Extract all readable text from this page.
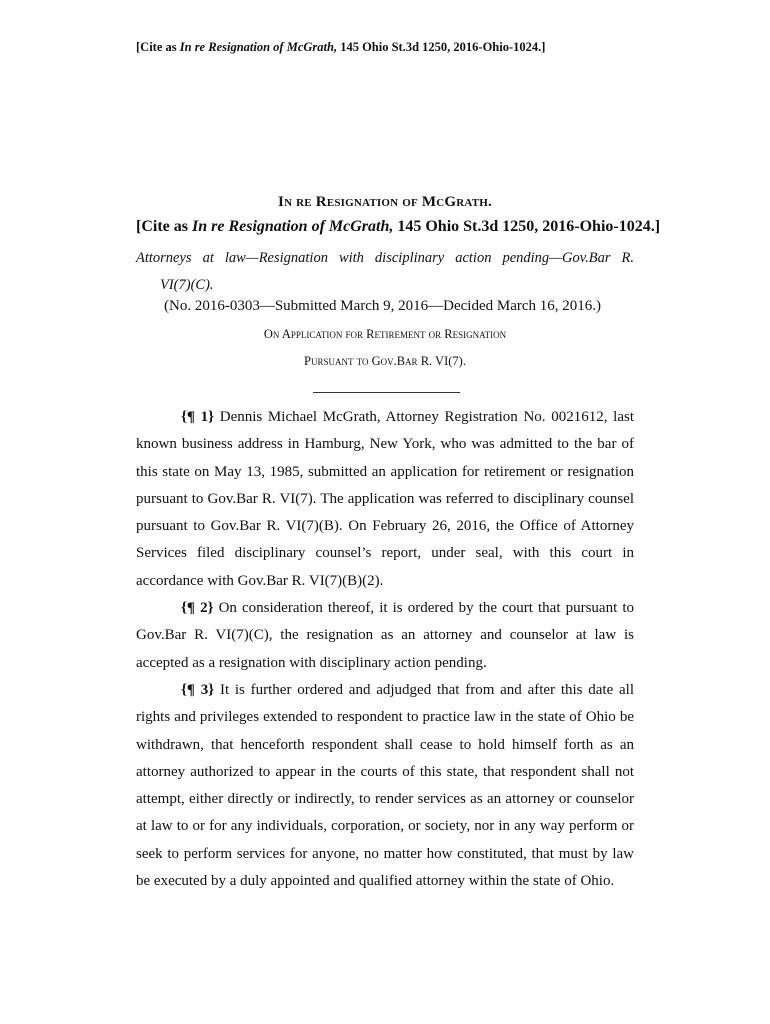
[Cite as In re Resignation of McGrath, 145 Ohio St.3d 1250, 2016-Ohio-1024.]
In re Resignation of McGrath.
[Cite as In re Resignation of McGrath, 145 Ohio St.3d 1250, 2016-Ohio-1024.]
Attorneys at law—Resignation with disciplinary action pending—Gov.Bar R.
VI(7)(C).
(No. 2016-0303—Submitted March 9, 2016—Decided March 16, 2016.)
On Application for Retirement or Resignation
Pursuant to Gov.Bar R. VI(7).

{¶ 1} Dennis Michael McGrath, Attorney Registration No. 0021612, last known business address in Hamburg, New York, who was admitted to the bar of this state on May 13, 1985, submitted an application for retirement or resignation pursuant to Gov.Bar R. VI(7). The application was referred to disciplinary counsel pursuant to Gov.Bar R. VI(7)(B). On February 26, 2016, the Office of Attorney Services filed disciplinary counsel’s report, under seal, with this court in accordance with Gov.Bar R. VI(7)(B)(2).

{¶ 2} On consideration thereof, it is ordered by the court that pursuant to Gov.Bar R. VI(7)(C), the resignation as an attorney and counselor at law is accepted as a resignation with disciplinary action pending.

{¶ 3} It is further ordered and adjudged that from and after this date all rights and privileges extended to respondent to practice law in the state of Ohio be withdrawn, that henceforth respondent shall cease to hold himself forth as an attorney authorized to appear in the courts of this state, that respondent shall not attempt, either directly or indirectly, to render services as an attorney or counselor at law to or for any individuals, corporation, or society, nor in any way perform or seek to perform services for anyone, no matter how constituted, that must by law be executed by a duly appointed and qualified attorney within the state of Ohio.
